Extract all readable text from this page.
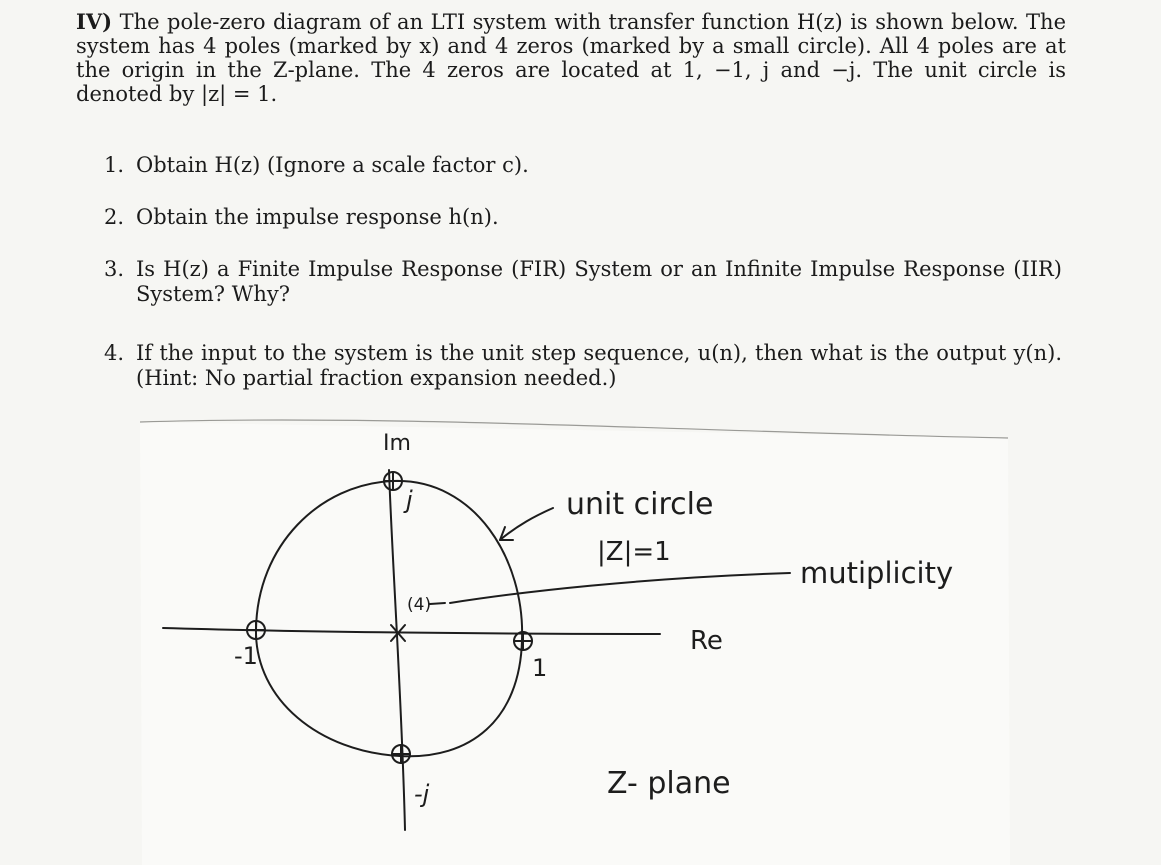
IV) The pole-zero diagram of an LTI system with transfer function H(z) is shown below. The system has 4 poles (marked by x) and 4 zeros (marked by a small circle). All 4 poles are at the origin in the Z-plane. The 4 zeros are located at 1, −1, j and −j. The unit circle is denoted by |z| = 1.
1. Obtain H(z) (Ignore a scale factor c).
2. Obtain the impulse response h(n).
3. Is H(z) a Finite Impulse Response (FIR) System or an Infinite Impulse Response (IIR) System? Why?
4. If the input to the system is the unit step sequence, u(n), then what is the output y(n). (Hint: No partial fraction expansion needed.)
Im
j
(4)
-1	1
-j
unit circle
|Z|=1
mutiplicity
Re
Z- plane
